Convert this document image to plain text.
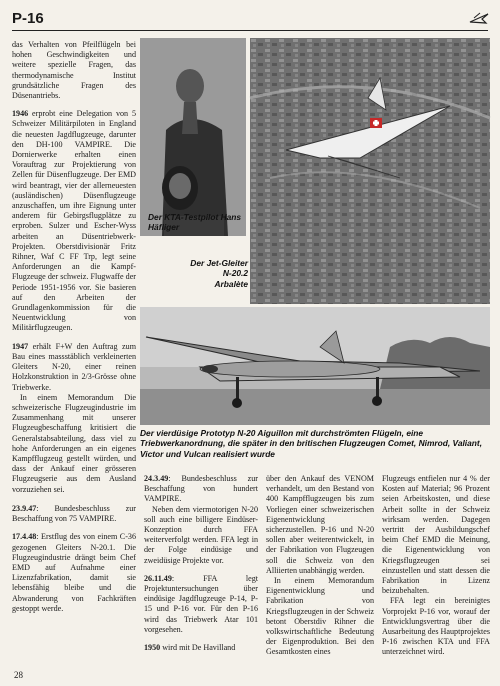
P-16

das Verhalten von Pfeilflügeln bei hohen Geschwindigkeiten und weitere spezielle Fragen, das thermodynamische Institut grundsätzliche Fragen des Düsenantriebs.

1946 erprobt eine Delegation von 5 Schweizer Militärpiloten in England die neuesten Jagdflugzeuge, darunter den DH-100 VAMPIRE. Die Dornierwerke erhalten einen Vorauftrag zur Projektierung von Zellen für Düsenflugzeuge. Der EMD wird beantragt, vier der allerneuesten (ausländischen) Düsenflugzeuge anzuschaffen, um ihre Eignung unter anderem für Gebirgsflugplätze zu erproben. Sulzer und Escher-Wyss arbeiten an Düsentriebwerk-Projekten. Oberstdivisionär Fritz Rihner, Waf C FF Trp, legt seine Anforderungen an die Kampf-Flugzeuge der schweiz. Flugwaffe der Periode 1951-1956 vor. Sie basieren auf den Arbeiten der Grundlagenkommission für die Neuentwicklung von Militärflugzeugen.

1947 erhält F+W den Auftrag zum Bau eines massstäblich verkleinerten Gleiters N-20, einer reinen Holzkonstruktion in 2/3-Grösse ohne Triebwerke.

In einem Memorandum Die schweizerische Flugzeugindustrie im Zusammenhang mit unserer Flugzeugbeschaffung kritisiert die Generalstabsabteilung, dass viel zu hohe Anforderungen an ein eigenes Kampfflugzeug gestellt würden, und dass der Ankauf einer grösseren Flugzeugserie aus dem Ausland vorzuziehen sei.

Der KTA-Testpilot Hans Häfliger
Der Jet-Gleiter N-20.2 Arbalète
Der vierdüsige Prototyp N-20 Aiguillon mit durchströmten Flügeln, eine Triebwerkanordnung, die später in den britischen Flugzeugen Comet, Nimrod, Valiant, Victor und Vulcan realisiert wurde

23.9.47: Bundesbeschluss zur Beschaffung von 75 VAMPIRE.

17.4.48: Erstflug des von einem C-36 gezogenen Gleiters N-20.1. Die Flugzeugindustrie drängt beim Chef EMD auf Aufnahme einer Lizenzfabrikation, damit sie lebensfähig bleibe und die Abwanderung von Fachkräften gestoppt werde.

24.3.49: Bundesbeschluss zur Beschaffung von hundert VAMPIRE.

Neben dem viermotorigen N-20 soll auch eine billigere Eindüser-Konzeption durch FFA weiterverfolgt werden. FFA legt in der Folge eindüsige und zweidüsige Projekte vor.

26.11.49: FFA legt Projektuntersuchungen über eindüsige Jagdflugzeuge P-14, P-15 und P-16 vor. Für den P-16 wird das Triebwerk Atar 101 vorgesehen.

1950 wird mit De Havilland

über den Ankauf des VENOM verhandelt, um den Bestand von 400 Kampfflugzeugen bis zum Vorliegen einer schweizerischen Eigenentwicklung sicherzustellen. P-16 und N-20 sollen aber weiterentwickelt, in der Fabrikation von Flugzeugen soll die Schweiz von den Alliierten unabhängig werden.

In einem Memorandum Eigenentwicklung und Fabrikation von Kriegsflugzeugen in der Schweiz betont Oberstdiv Rihner die volkswirtschaftliche Bedeutung der Eigenproduktion. Bei den Gesamtkosten eines

Flugzeugs entfielen nur 4 % der Kosten auf Material; 96 Prozent seien Arbeitskosten, und diese Arbeit sollte in der Schweiz wirksam werden. Dagegen vertritt der Ausbildungschef beim Chef EMD die Meinung, die Eigenentwicklung von Kriegsflugzeugen sei einzustellen und statt dessen die Fabrikation in Lizenz beizubehalten.

FFA legt ein bereinigtes Vorprojekt P-16 vor, worauf der Entwicklungsvertrag über die Ausarbeitung des Hauptprojektes P-16 zwischen KTA und FFA unterzeichnet wird.

28
